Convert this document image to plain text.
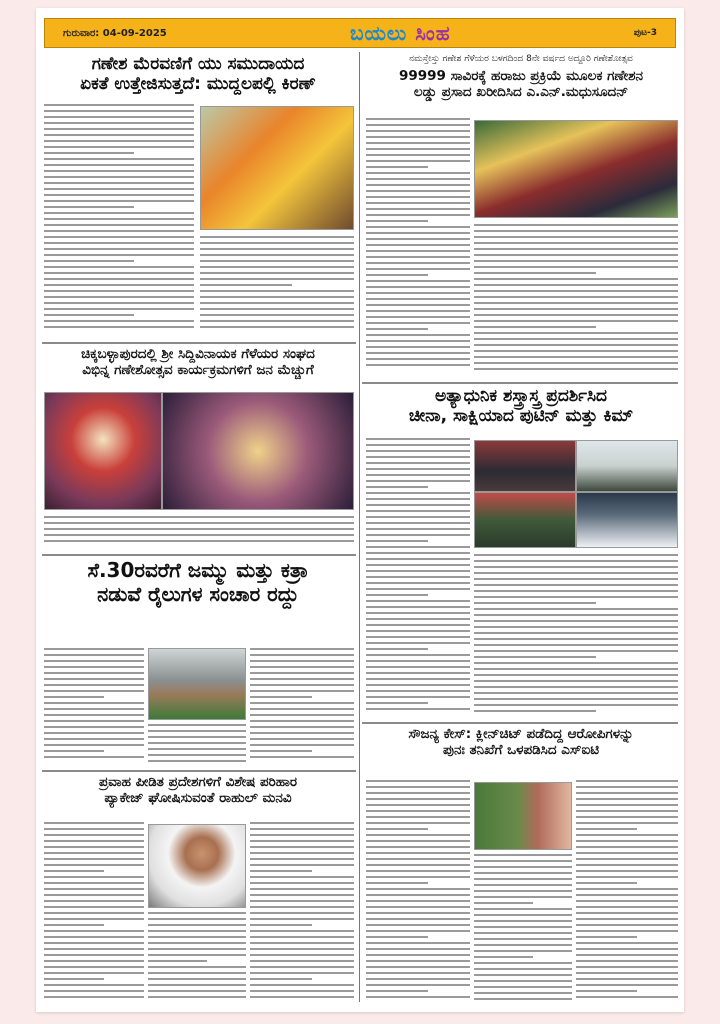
ಗುರುವಾರ: 04-09-2025	ಬಯಲು ಸಿಂಹ	ಪುಟ-3
ಗಣೇಶ ಮೆರವಣಿಗೆ ಯು ಸಮುದಾಯದ
ಏಕತೆ ಉತ್ತೇಜಿಸುತ್ತದೆ: ಮುದ್ದಲಪಲ್ಲಿ ಕಿರಣ್
ನಮಸ್ತೇಸ್ತು ಗಣೇಶ ಗೆಳೆಯರ ಬಳಗದಿಂದ 8ನೇ ವರ್ಷದ ಅದ್ದೂರಿ ಗಣೇಶೋತ್ಸವ
99999 ಸಾವಿರಕ್ಕೆ ಹರಾಜು ಪ್ರಕ್ರಿಯೆ ಮೂಲಕ ಗಣೇಶನ
ಲಡ್ಡು ಪ್ರಸಾದ ಖರೀದಿಸಿದ ಎ.ಎನ್.ಮಧುಸೂದನ್
ಚಿಕ್ಕಬಳ್ಳಾಪುರದಲ್ಲಿ ಶ್ರೀ ಸಿದ್ದಿವಿನಾಯಕ ಗೆಳೆಯರ ಸಂಘದ
ವಿಭಿನ್ನ ಗಣೇಶೋತ್ಸವ ಕಾರ್ಯಕ್ರಮಗಳಿಗೆ ಜನ ಮೆಚ್ಚುಗೆ
ಅತ್ಯಾಧುನಿಕ ಶಸ್ತ್ರಾಸ್ತ್ರ ಪ್ರದರ್ಶಿಸಿದ
ಚೀನಾ, ಸಾಕ್ಷಿಯಾದ ಪುಟಿನ್ ಮತ್ತು ಕಿಮ್
ಸೆ.30ರವರೆಗೆ ಜಮ್ಮು ಮತ್ತು ಕತ್ರಾ
ನಡುವೆ ರೈಲುಗಳ ಸಂಚಾರ ರದ್ದು
ಸೌಜನ್ಯ ಕೇಸ್: ಕ್ಲೀನ್‌ಚಿಟ್ ಪಡೆದಿದ್ದ ಆರೋಪಿಗಳನ್ನು
ಪುನಃ ತನಿಖೆಗೆ ಒಳಪಡಿಸಿದ ಎಸ್‌ಐಟಿ
ಪ್ರವಾಹ ಪೀಡಿತ ಪ್ರದೇಶಗಳಿಗೆ ವಿಶೇಷ ಪರಿಹಾರ
ಪ್ಯಾಕೇಜ್ ಘೋಷಿಸುವಂತೆ ರಾಹುಲ್ ಮನವಿ
